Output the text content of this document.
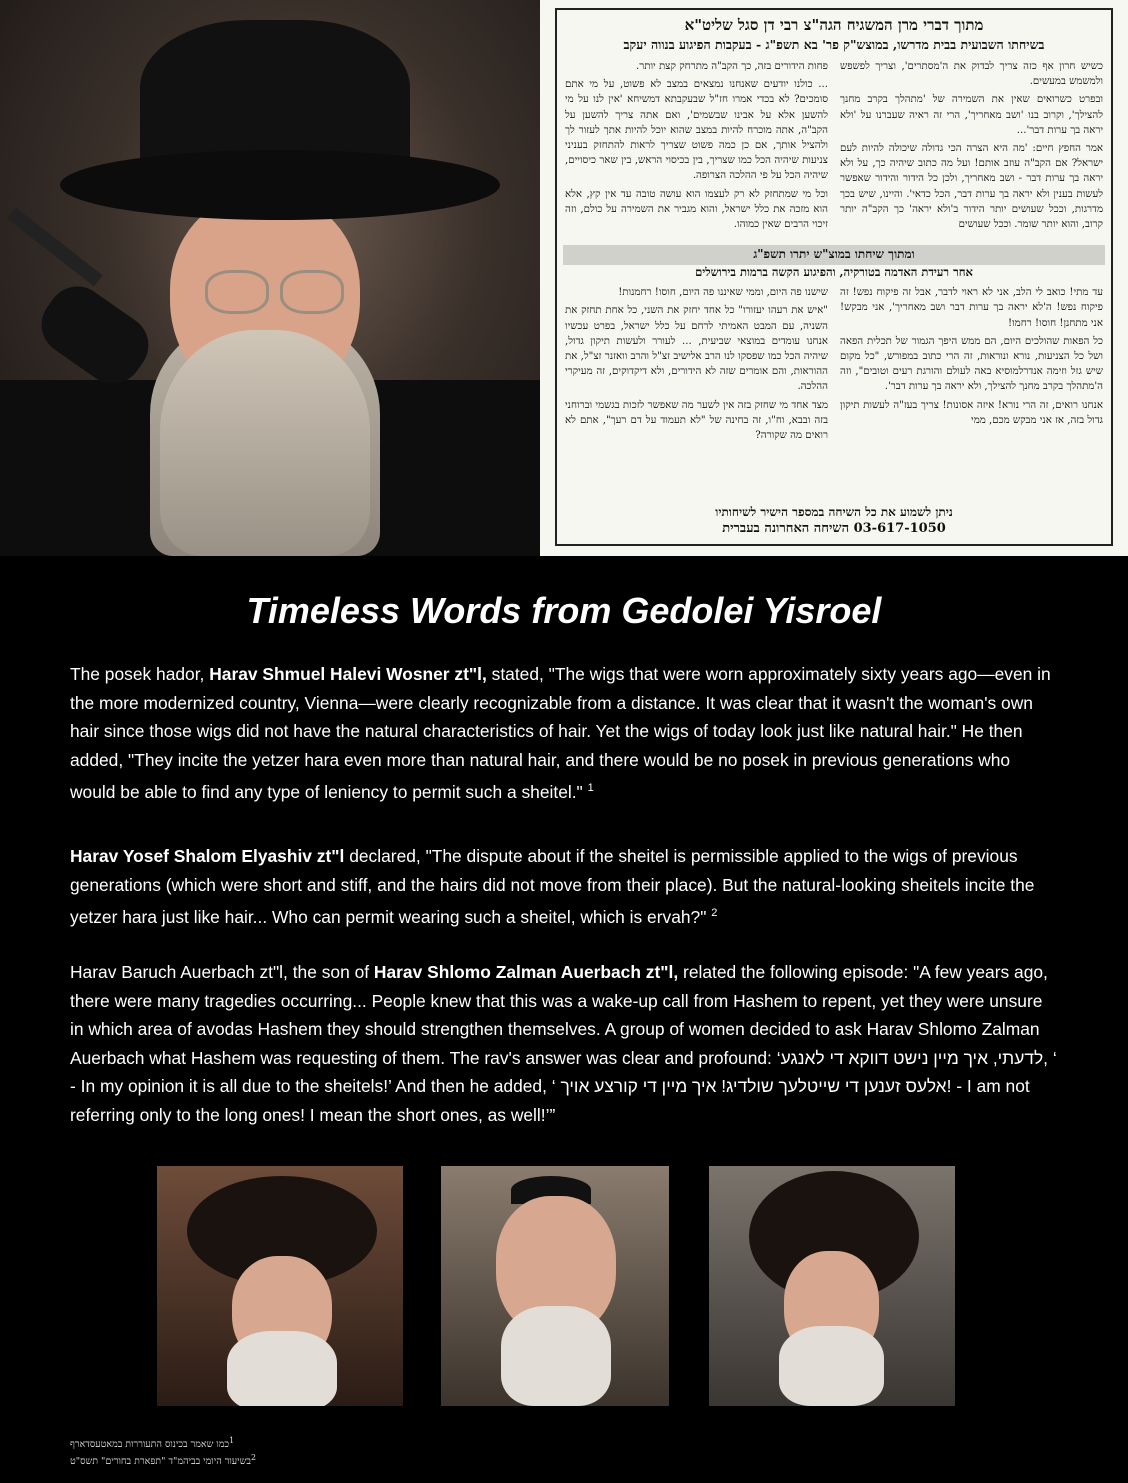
מתוך דברי מרן המשגיח הגה"צ רבי דן סגל שליט"א
בשיחתו השבועית בבית מדרשו, במוצש"ק פר' בא תשפ"ג - בעקבות הפיגוע בנווה יעקב

כשיש חרון אף כזה צריך לבדוק את ה'מסתרים', וצריך לפשפש ולמשמש במעשים.

ובפרט כשרואים שאין את השמירה של 'מתהלך בקרב מחנך להצילך', וקרוב בנו 'ושב מאחריך', הרי זה ראיה שעברנו על 'ולא יראה בך ערות דבר'...

אמר החפץ חיים: 'מה היא הצרה הכי גדולה שיכולה להיות לעם ישראל? אם הקב"ה עוזב אותם! ועל מה כתוב שיהיה כך, על ולא יראה בך ערות דבר - ושב מאחריך, ולכן כל הידור והידור שאפשר לעשות בענין ולא יראה בך ערות דבר, הכל כדאי'. והיינו, שיש בכך מדרגות, וככל שעושים יותר הידור ב'ולא יראה' כך הקב"ה יותר קרוב, והוא יותר שומר. וככל שעושים

פחות הידורים בזה, כך הקב"ה מתרחק קצת יותר.

... כולנו יודעים שאנחנו נמצאים במצב לא פשוט, על מי אתם סומכים? לא בכדי אמרו חז"ל שבעקבתא דמשיחא 'אין לנו על מי להשען אלא על אבינו שבשמים', ואם אתה צריך להשען על הקב"ה, אתה מוכרח להיות במצב שהוא יוכל להיות אתך לעזור לך ולהציל אותך, אם כן כמה פשוט שצריך לראות להתחזק בעניני צניעות שיהיה הכל כמו שצריך, בין בכיסוי הראש, בין שאר כיסויים, שיהיה הכל על פי ההלכה הצרופה.

וכל מי שמתחזק לא רק לעצמו הוא עושה טובה עד אין קץ, אלא הוא מזכה את כלל ישראל, והוא מגביר את השמירה על כולם, וזה זיכוי הרבים שאין כמוהו.

ומתוך שיחתו במוצ"ש יתרו תשפ"ג
אחר רעידת האדמה בטורקיה, והפיגוע הקשה ברמות בירושלים

עד מתי! כואב לי הלב, אני לא ראוי לדבר, אבל זה פיקוח נפש! זה פיקוח נפש! ה'לא יראה בך ערות דבר ושב מאחריך', אני מבקש! אני מתחנן! חוסו! רחמו!

כל הפאות שהולכים היום, הם ממש היפך הגמור של תכלית הפאה ושל כל הצניעות, נורא ונוראות, זה הרי כתוב במפורש, "כל מקום שיש גזל וזימה אנדרלמוסיא באה לעולם והורגת רעים וטובים", וזה ה'מתהלך בקרב מחנך להצילך, ולא יראה בך ערות דבר'.

אנחנו רואים, זה הרי נורא! איזה אסונות! צריך בעז"ה לעשות תיקון גדול בזה, אז אני מבקש מכם, ממי

שישנו פה היום, וממי שאיננו פה היום, חוסו! רחמנות!

"איש את רעהו יעזורו" כל אחד יחזק את השני, כל אחת תחזק את השניה, עם המבט האמיתי לרחם על כלל ישראל, בפרט עכשיו אנחנו עומדים במוצאי שביעית, ... לעורר ולעשות תיקון גדול, שיהיה הכל כמו שפסקו לנו הרב אלישיב זצ"ל והרב וואזנר זצ"ל, את ההוראות, והם אומרים שזה לא הידורים, ולא דיקדוקים, זה מעיקרי ההלכה.

מצד אחד מי שחזק בזה אין לשער מה שאפשר לזכות בגשמי וברוחני בזה ובבא, וח"ו, זה בחינה של "לא תעמוד על דם רעך", אתם לא רואים מה שקורה?

ניתן לשמוע את כל השיחה במספר הישיר לשיחותיו
03-617-1050 השיחה האחרונה בעברית
Timeless Words from Gedolei Yisroel
The posek hador, Harav Shmuel Halevi Wosner zt"l, stated, "The wigs that were worn approximately sixty years ago—even in the more modernized country, Vienna—were clearly recognizable from a distance. It was clear that it wasn't the woman's own hair since those wigs did not have the natural characteristics of hair. Yet the wigs of today look just like natural hair." He then added, "They incite the yetzer hara even more than natural hair, and there would be no posek in previous generations who would be able to find any type of leniency to permit such a sheitel." $^1$
Harav Yosef Shalom Elyashiv zt"l declared, "The dispute about if the sheitel is permissible applied to the wigs of previous generations (which were short and stiff, and the hairs did not move from their place). But the natural-looking sheitels incite the yetzer hara just like hair... Who can permit wearing such a sheitel, which is ervah?" $^2$
Harav Baruch Auerbach zt"l, the son of Harav Shlomo Zalman Auerbach zt"l, related the following episode: "A few years ago, there were many tragedies occurring... People knew that this was a wake-up call from Hashem to repent, yet they were unsure in which area of avodas Hashem they should strengthen themselves. A group of women decided to ask Harav Shlomo Zalman Auerbach what Hashem was requesting of them. The rav's answer was clear and profound: ‘לדעתי, איך מיין נישט דווקא די לאנגע, ‘ - In my opinion it is all due to the sheitels!’ And then he added, ‘ אלעס זענען די שייטלעך שולדיג! איך מיין די קורצע אויך! - I am not referring only to the long ones! I mean the short ones, as well!’”
$^1$כמו שאמר בכינוס התעוררות במאטעסדארף
$^2$בשיעור היומי בביהמ"ד "תפארת בחורים" תשס"ט
